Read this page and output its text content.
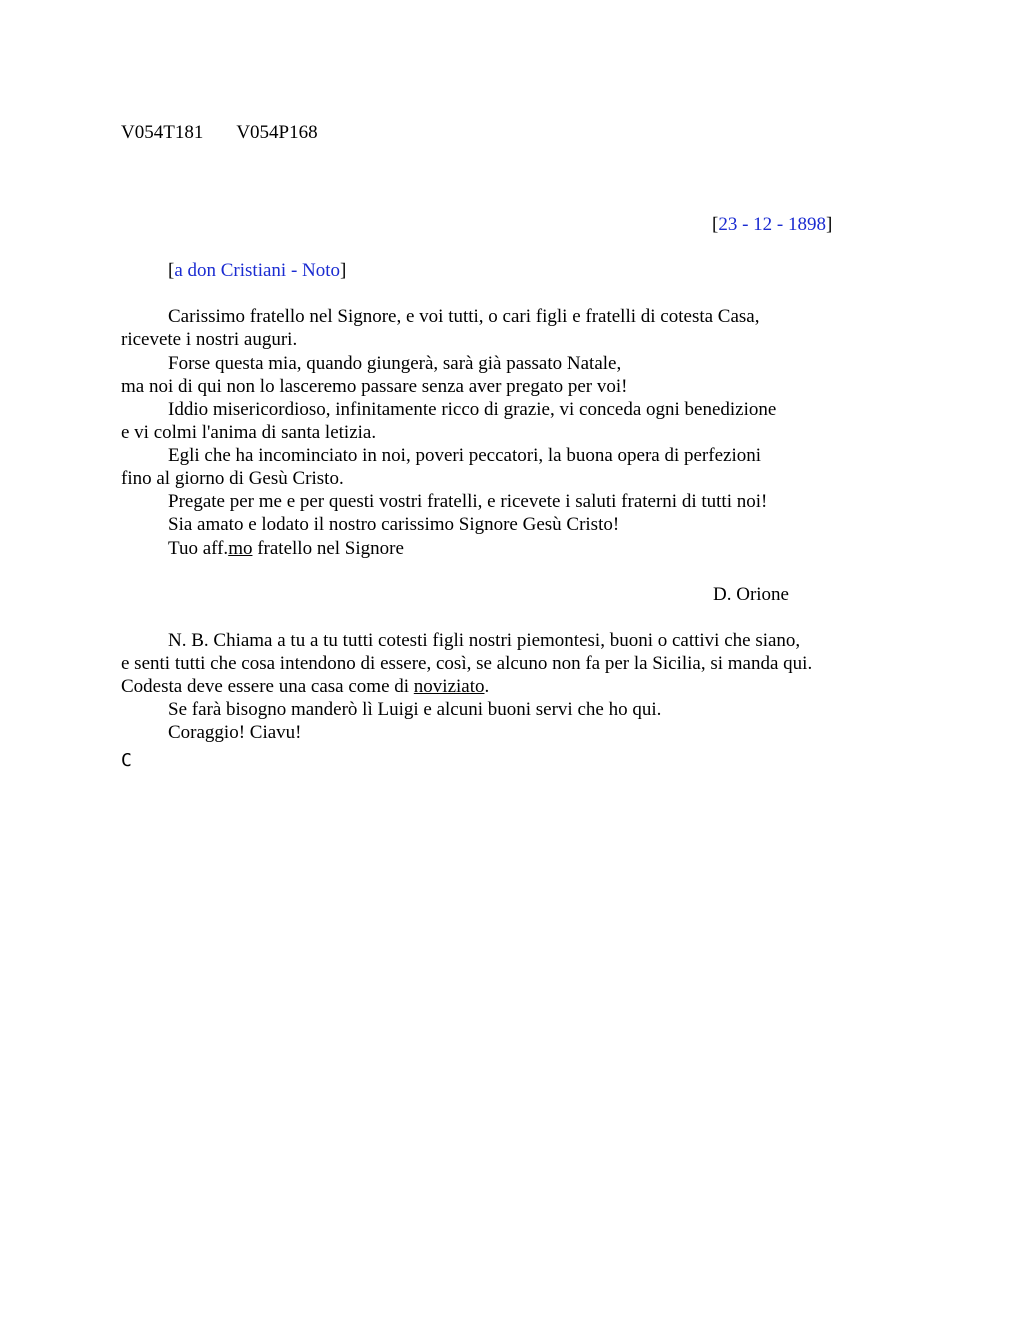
V054T181 V054P168
[23 - 12 - 1898]
[a don Cristiani - Noto]
Carissimo fratello nel Signore, e voi tutti, o cari figli e fratelli di cotesta Casa,
ricevete i nostri auguri.
Forse questa mia, quando giungerà, sarà già passato Natale,
ma noi di qui non lo lasceremo passare senza aver pregato per voi!
Iddio misericordioso, infinitamente ricco di grazie, vi conceda ogni benedizione
e vi colmi l'anima di santa letizia.
Egli che ha incominciato in noi, poveri peccatori, la buona opera di perfezioni
fino al giorno di Gesù Cristo.
Pregate per me e per questi vostri fratelli, e ricevete i saluti fraterni di tutti noi!
Sia amato e lodato il nostro carissimo Signore Gesù Cristo!
Tuo aff.mo fratello nel Signore
D. Orione
N. B. Chiama a tu a tu tutti cotesti figli nostri piemontesi, buoni o cattivi che siano,
e senti tutti che cosa intendono di essere, così, se alcuno non fa per la Sicilia, si manda qui.
Codesta deve essere una casa come di noviziato.
Se farà bisogno manderò lì Luigi e alcuni buoni servi che ho qui.
Coraggio! Ciavu!
C
